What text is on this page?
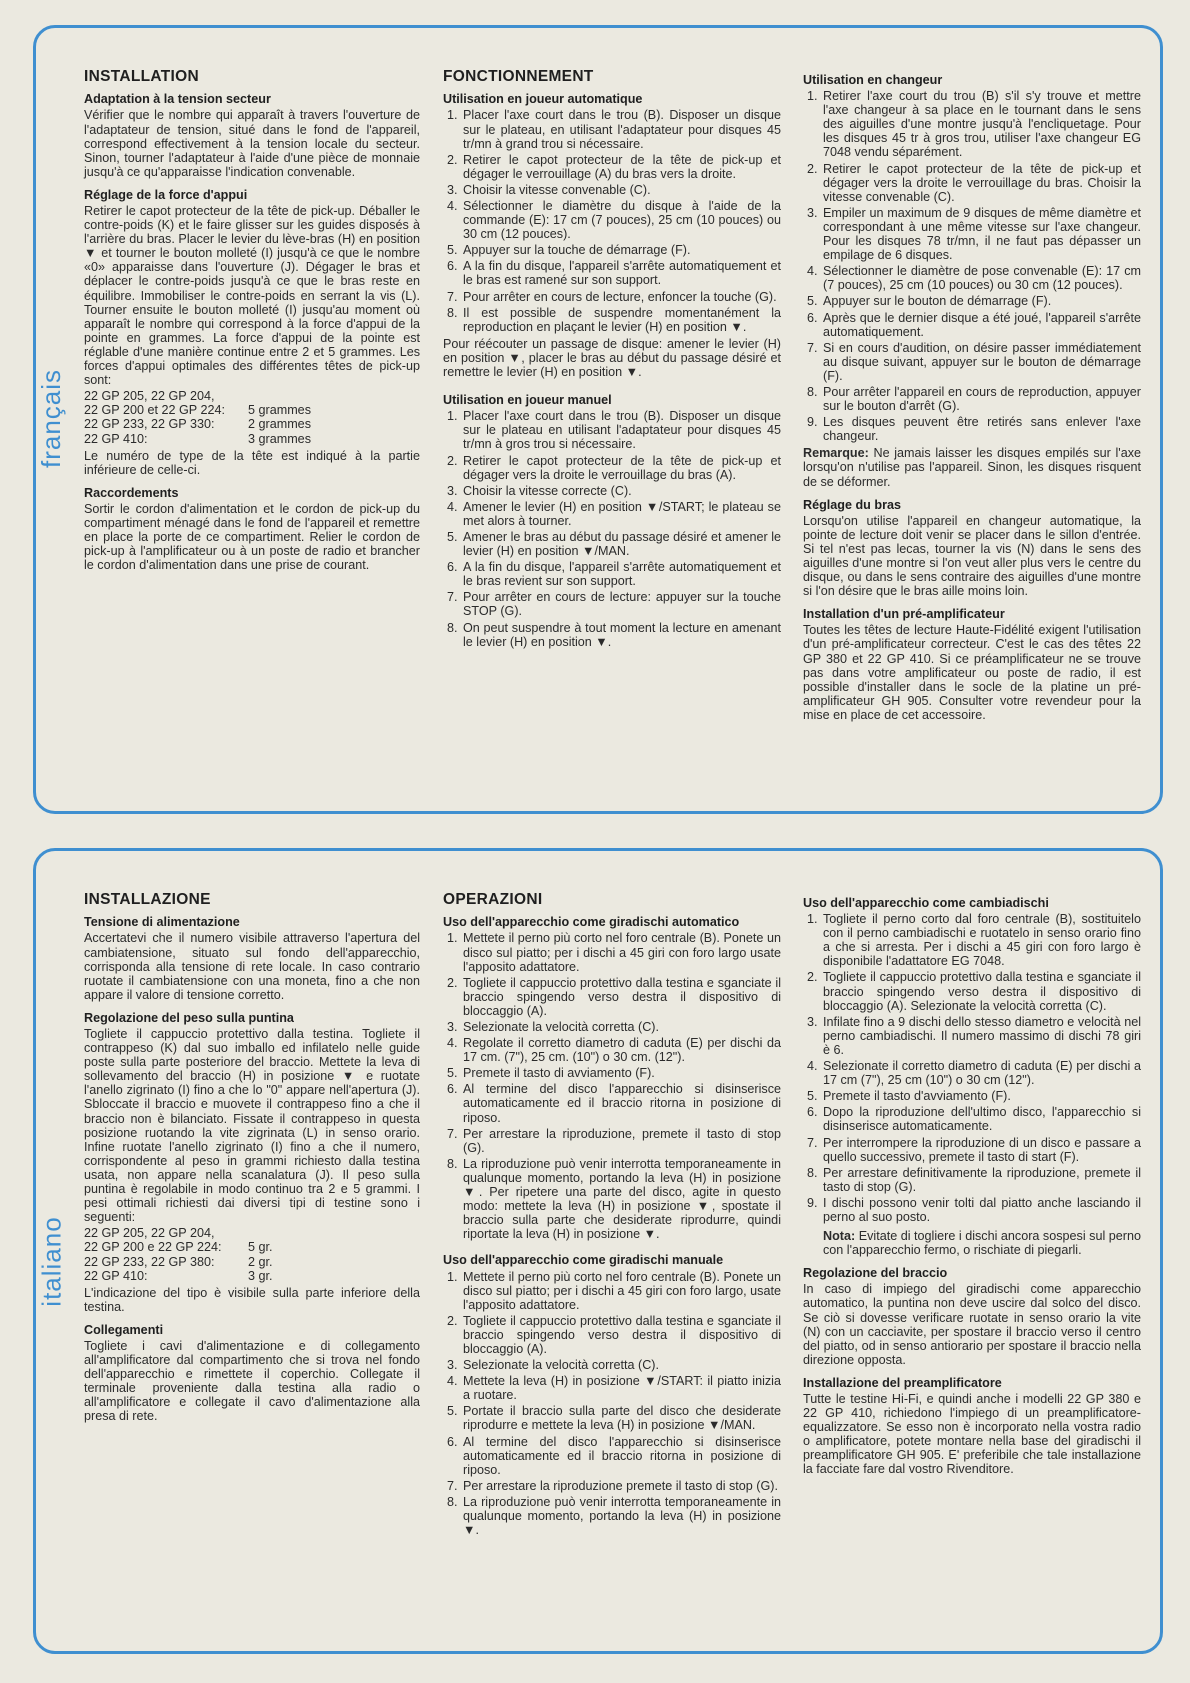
français
INSTALLATION
Adaptation à la tension secteur

Vérifier que le nombre qui apparaît à travers l'ouverture de l'adaptateur de tension, situé dans le fond de l'appareil, correspond effectivement à la tension locale du secteur. Sinon, tourner l'adaptateur à l'aide d'une pièce de monnaie jusqu'à ce qu'apparaisse l'indication convenable.

Réglage de la force d'appui

Retirer le capot protecteur de la tête de pick-up. Déballer le contre-poids (K) et le faire glisser sur les guides disposés à l'arrière du bras. Placer le levier du lève-bras (H) en position ▼ et tourner le bouton molleté (I) jusqu'à ce que le nombre «0» apparaisse dans l'ouverture (J). Dégager le bras et déplacer le contre-poids jusqu'à ce que le bras reste en équilibre. Immobiliser le contre-poids en serrant la vis (L). Tourner ensuite le bouton molleté (I) jusqu'au moment où apparaît le nombre qui correspond à la force d'appui de la pointe en grammes. La force d'appui de la pointe est réglable d'une manière continue entre 2 et 5 grammes. Les forces d'appui optimales des différentes têtes de pick-up sont:

22 GP 205, 22 GP 204,
22 GP 200 et 22 GP 224:	5 grammes
22 GP 233, 22 GP 330:	2 grammes
22 GP 410:	3 grammes

Le numéro de type de la tête est indiqué à la partie inférieure de celle-ci.

Raccordements

Sortir le cordon d'alimentation et le cordon de pick-up du compartiment ménagé dans le fond de l'appareil et remettre en place la porte de ce compartiment. Relier le cordon de pick-up à l'amplificateur ou à un poste de radio et brancher le cordon d'alimentation dans une prise de courant.

FONCTIONNEMENT
Utilisation en joueur automatique
1. Placer l'axe court dans le trou (B). Disposer un disque sur le plateau, en utilisant l'adaptateur pour disques 45 tr/mn à grand trou si nécessaire.
2. Retirer le capot protecteur de la tête de pick-up et dégager le verrouillage (A) du bras vers la droite.
3. Choisir la vitesse convenable (C).
4. Sélectionner le diamètre du disque à l'aide de la commande (E): 17 cm (7 pouces), 25 cm (10 pouces) ou 30 cm (12 pouces).
5. Appuyer sur la touche de démarrage (F).
6. A la fin du disque, l'appareil s'arrête automatiquement et le bras est ramené sur son support.
7. Pour arrêter en cours de lecture, enfoncer la touche (G).
8. Il est possible de suspendre momentanément la reproduction en plaçant le levier (H) en position ▼.

Pour réécouter un passage de disque: amener le levier (H) en position ▼, placer le bras au début du passage désiré et remettre le levier (H) en position ▼.

Utilisation en joueur manuel
1. Placer l'axe court dans le trou (B). Disposer un disque sur le plateau en utilisant l'adaptateur pour disques 45 tr/mn à gros trou si nécessaire.
2. Retirer le capot protecteur de la tête de pick-up et dégager vers la droite le verrouillage du bras (A).
3. Choisir la vitesse correcte (C).
4. Amener le levier (H) en position ▼/START; le plateau se met alors à tourner.
5. Amener le bras au début du passage désiré et amener le levier (H) en position ▼/MAN.
6. A la fin du disque, l'appareil s'arrête automatiquement et le bras revient sur son support.
7. Pour arrêter en cours de lecture: appuyer sur la touche STOP (G).
8. On peut suspendre à tout moment la lecture en amenant le levier (H) en position ▼.
Utilisation en changeur
1. Retirer l'axe court du trou (B) s'il s'y trouve et mettre l'axe changeur à sa place en le tournant dans le sens des aiguilles d'une montre jusqu'à l'encliquetage. Pour les disques 45 tr à gros trou, utiliser l'axe changeur EG 7048 vendu séparément.
2. Retirer le capot protecteur de la tête de pick-up et dégager vers la droite le verrouillage du bras. Choisir la vitesse convenable (C).
3. Empiler un maximum de 9 disques de même diamètre et correspondant à une même vitesse sur l'axe changeur. Pour les disques 78 tr/mn, il ne faut pas dépasser un empilage de 6 disques.
4. Sélectionner le diamètre de pose convenable (E): 17 cm (7 pouces), 25 cm (10 pouces) ou 30 cm (12 pouces).
5. Appuyer sur le bouton de démarrage (F).
6. Après que le dernier disque a été joué, l'appareil s'arrête automatiquement.
7. Si en cours d'audition, on désire passer immédiatement au disque suivant, appuyer sur le bouton de démarrage (F).
8. Pour arrêter l'appareil en cours de reproduction, appuyer sur le bouton d'arrêt (G).
9. Les disques peuvent être retirés sans enlever l'axe changeur.

Remarque: Ne jamais laisser les disques empilés sur l'axe lorsqu'on n'utilise pas l'appareil. Sinon, les disques risquent de se déformer.

Réglage du bras

Lorsqu'on utilise l'appareil en changeur automatique, la pointe de lecture doit venir se placer dans le sillon d'entrée. Si tel n'est pas lecas, tourner la vis (N) dans le sens des aiguilles d'une montre si l'on veut aller plus vers le centre du disque, ou dans le sens contraire des aiguilles d'une montre si l'on désire que le bras aille moins loin.

Installation d'un pré-amplificateur

Toutes les têtes de lecture Haute-Fidélité exigent l'utilisation d'un pré-amplificateur correcteur. C'est le cas des têtes 22 GP 380 et 22 GP 410. Si ce préamplificateur ne se trouve pas dans votre amplificateur ou poste de radio, il est possible d'installer dans le socle de la platine un pré-amplificateur GH 905. Consulter votre revendeur pour la mise en place de cet accessoire.

italiano
INSTALLAZIONE
Tensione di alimentazione

Accertatevi che il numero visibile attraverso l'apertura del cambiatensione, situato sul fondo dell'apparecchio, corrisponda alla tensione di rete locale. In caso contrario ruotate il cambiatensione con una moneta, fino a che non appare il valore di tensione corretto.

Regolazione del peso sulla puntina

Togliete il cappuccio protettivo dalla testina. Togliete il contrappeso (K) dal suo imballo ed infilatelo nelle guide poste sulla parte posteriore del braccio. Mettete la leva di sollevamento del braccio (H) in posizione ▼ e ruotate l'anello zigrinato (I) fino a che lo "0" appare nell'apertura (J). Sbloccate il braccio e muovete il contrappeso fino a che il braccio non è bilanciato. Fissate il contrappeso in questa posizione ruotando la vite zigrinata (L) in senso orario. Infine ruotate l'anello zigrinato (I) fino a che il numero, corrispondente al peso in grammi richiesto dalla testina usata, non appare nella scanalatura (J). Il peso sulla puntina è regolabile in modo continuo tra 2 e 5 grammi. I pesi ottimali richiesti dai diversi tipi di testine sono i seguenti:

22 GP 205, 22 GP 204,
22 GP 200 e 22 GP 224:	5 gr.
22 GP 233, 22 GP 380:	2 gr.
22 GP 410:	3 gr.

L'indicazione del tipo è visibile sulla parte inferiore della testina.

Collegamenti

Togliete i cavi d'alimentazione e di collegamento all'amplificatore dal compartimento che si trova nel fondo dell'apparecchio e rimettete il coperchio. Collegate il terminale proveniente dalla testina alla radio o all'amplificatore e collegate il cavo d'alimentazione alla presa di rete.

OPERAZIONI
Uso dell'apparecchio come giradischi automatico
1. Mettete il perno più corto nel foro centrale (B). Ponete un disco sul piatto; per i dischi a 45 giri con foro largo usate l'apposito adattatore.
2. Togliete il cappuccio protettivo dalla testina e sganciate il braccio spingendo verso destra il dispositivo di bloccaggio (A).
3. Selezionate la velocità corretta (C).
4. Regolate il corretto diametro di caduta (E) per dischi da 17 cm. (7"), 25 cm. (10") o 30 cm. (12").
5. Premete il tasto di avviamento (F).
6. Al termine del disco l'apparecchio si disinserisce automaticamente ed il braccio ritorna in posizione di riposo.
7. Per arrestare la riproduzione, premete il tasto di stop (G).
8. La riproduzione può venir interrotta temporaneamente in qualunque momento, portando la leva (H) in posizione ▼. Per ripetere una parte del disco, agite in questo modo: mettete la leva (H) in posizione ▼, spostate il braccio sulla parte che desiderate riprodurre, quindi riportate la leva (H) in posizione ▼.
Uso dell'apparecchio come giradischi manuale
1. Mettete il perno più corto nel foro centrale (B). Ponete un disco sul piatto; per i dischi a 45 giri con foro largo, usate l'apposito adattatore.
2. Togliete il cappuccio protettivo dalla testina e sganciate il braccio spingendo verso destra il dispositivo di bloccaggio (A).
3. Selezionate la velocità corretta (C).
4. Mettete la leva (H) in posizione ▼/START: il piatto inizia a ruotare.
5. Portate il braccio sulla parte del disco che desiderate riprodurre e mettete la leva (H) in posizione ▼/MAN.
6. Al termine del disco l'apparecchio si disinserisce automaticamente ed il braccio ritorna in posizione di riposo.
7. Per arrestare la riproduzione premete il tasto di stop (G).
8. La riproduzione può venir interrotta temporaneamente in qualunque momento, portando la leva (H) in posizione ▼.
Uso dell'apparecchio come cambiadischi
1. Togliete il perno corto dal foro centrale (B), sostituitelo con il perno cambiadischi e ruotatelo in senso orario fino a che si arresta. Per i dischi a 45 giri con foro largo è disponibile l'adattatore EG 7048.
2. Togliete il cappuccio protettivo dalla testina e sganciate il braccio spingendo verso destra il dispositivo di bloccaggio (A). Selezionate la velocità corretta (C).
3. Infilate fino a 9 dischi dello stesso diametro e velocità nel perno cambiadischi. Il numero massimo di dischi 78 giri è 6.
4. Selezionate il corretto diametro di caduta (E) per dischi a 17 cm (7"), 25 cm (10") o 30 cm (12").
5. Premete il tasto d'avviamento (F).
6. Dopo la riproduzione dell'ultimo disco, l'apparecchio si disinserisce automaticamente.
7. Per interrompere la riproduzione di un disco e passare a quello successivo, premete il tasto di start (F).
8. Per arrestare definitivamente la riproduzione, premete il tasto di stop (G).
9. I dischi possono venir tolti dal piatto anche lasciando il perno al suo posto.

Nota: Evitate di togliere i dischi ancora sospesi sul perno con l'apparecchio fermo, o rischiate di piegarli.

Regolazione del braccio

In caso di impiego del giradischi come apparecchio automatico, la puntina non deve uscire dal solco del disco. Se ciò si dovesse verificare ruotate in senso orario la vite (N) con un cacciavite, per spostare il braccio verso il centro del piatto, od in senso antiorario per spostare il braccio nella direzione opposta.

Installazione del preamplificatore

Tutte le testine Hi-Fi, e quindi anche i modelli 22 GP 380 e 22 GP 410, richiedono l'impiego di un preamplificatore-equalizzatore. Se esso non è incorporato nella vostra radio o amplificatore, potete montare nella base del giradischi il preamplificatore GH 905. E' preferibile che tale installazione la facciate fare dal vostro Rivenditore.
